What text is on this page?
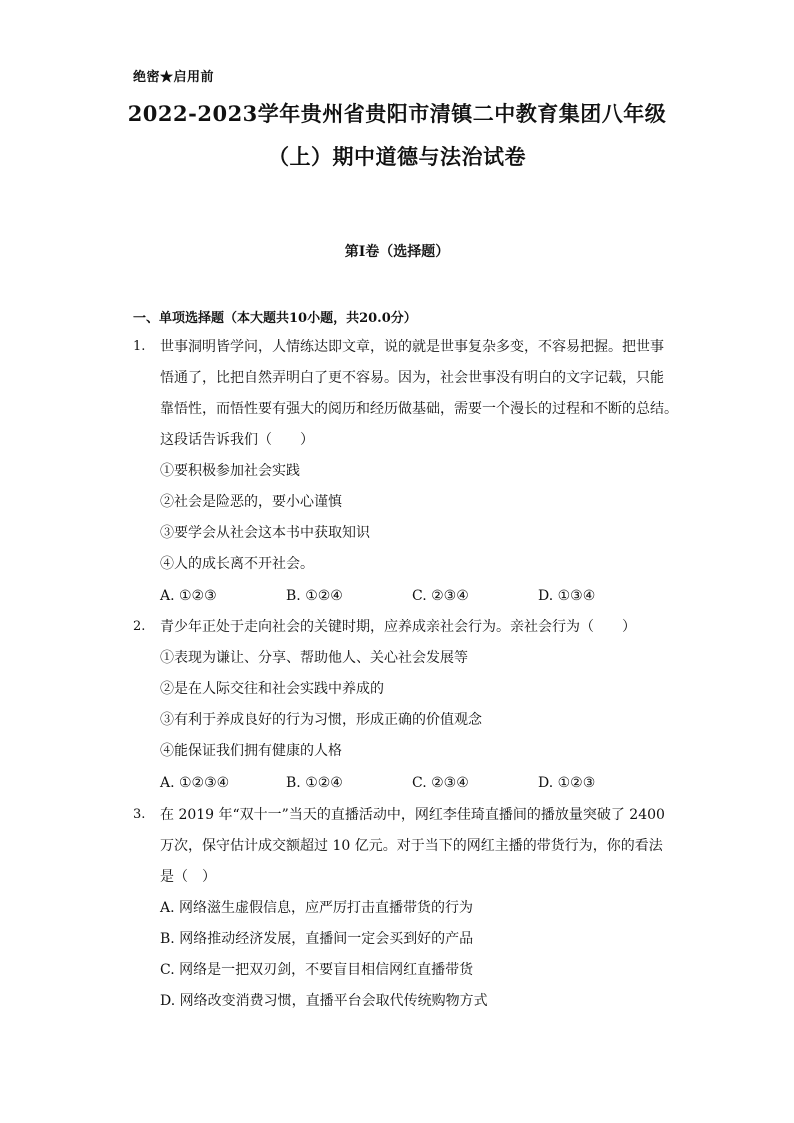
绝密★启用前
2022-2023学年贵州省贵阳市清镇二中教育集团八年级
（上）期中道德与法治试卷
第I卷（选择题）
一、单项选择题（本大题共10小题，共20.0分）
1. 世事洞明皆学问，人情练达即文章，说的就是世事复杂多变，不容易把握。把世事
悟通了，比把自然弄明白了更不容易。因为，社会世事没有明白的文字记载，只能
靠悟性，而悟性要有强大的阅历和经历做基础，需要一个漫长的过程和不断的总结。
这段话告诉我们（　　）
①要积极参加社会实践
②社会是险恶的，要小心谨慎
③要学会从社会这本书中获取知识
④人的成长离不开社会。
A. ①②③	B. ①②④	C. ②③④	D. ①③④
2. 青少年正处于走向社会的关键时期，应养成亲社会行为。亲社会行为（　　）
①表现为谦让、分享、帮助他人、关心社会发展等
②是在人际交往和社会实践中养成的
③有利于养成良好的行为习惯，形成正确的价值观念
④能保证我们拥有健康的人格
A. ①②③④	B. ①②④	C. ②③④	D. ①②③
3. 在 2019 年“双十一”当天的直播活动中，网红李佳琦直播间的播放量突破了 2400
万次，保守估计成交额超过 10 亿元。对于当下的网红主播的带货行为，你的看法
是（　）
A. 网络滋生虚假信息，应严厉打击直播带货的行为
B. 网络推动经济发展，直播间一定会买到好的产品
C. 网络是一把双刃剑，不要盲目相信网红直播带货
D. 网络改变消费习惯，直播平台会取代传统购物方式
